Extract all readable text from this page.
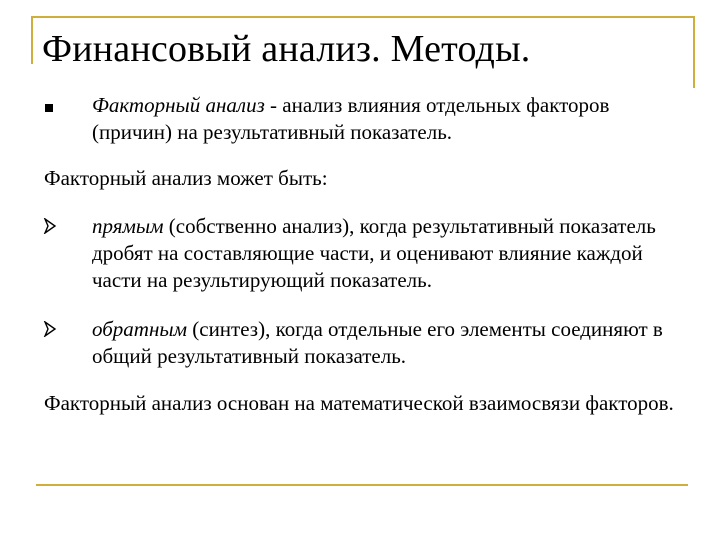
Финансовый анализ. Методы.
Факторный анализ - анализ влияния отдельных факторов (причин) на результативный показатель.
Факторный анализ может быть:
прямым (собственно анализ), когда результативный показатель дробят на составляющие части, и оценивают влияние каждой части на результирующий показатель.
обратным (синтез), когда отдельные его элементы соединяют в общий результативный показатель.
Факторный анализ основан на математической взаимосвязи факторов.
